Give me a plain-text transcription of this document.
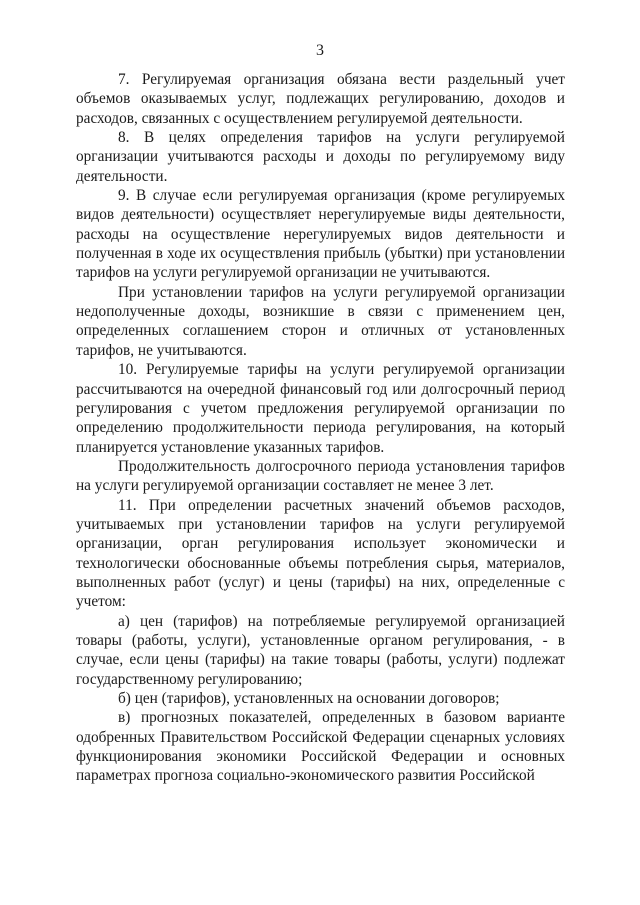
3

7. Регулируемая организация обязана вести раздельный учет объемов оказываемых услуг, подлежащих регулированию, доходов и расходов, связанных с осуществлением регулируемой деятельности.

8. В целях определения тарифов на услуги регулируемой организации учитываются расходы и доходы по регулируемому виду деятельности.

9. В случае если регулируемая организация (кроме регулируемых видов деятельности) осуществляет нерегулируемые виды деятельности, расходы на осуществление нерегулируемых видов деятельности и полученная в ходе их осуществления прибыль (убытки) при установлении тарифов на услуги регулируемой организации не учитываются.

При установлении тарифов на услуги регулируемой организации недополученные доходы, возникшие в связи с применением цен, определенных соглашением сторон и отличных от установленных тарифов, не учитываются.

10. Регулируемые тарифы на услуги регулируемой организации рассчитываются на очередной финансовый год или долгосрочный период регулирования с учетом предложения регулируемой организации по определению продолжительности периода регулирования, на который планируется установление указанных тарифов.

Продолжительность долгосрочного периода установления тарифов на услуги регулируемой организации составляет не менее 3 лет.

11. При определении расчетных значений объемов расходов, учитываемых при установлении тарифов на услуги регулируемой организации, орган регулирования использует экономически и технологически обоснованные объемы потребления сырья, материалов, выполненных работ (услуг) и цены (тарифы) на них, определенные с учетом:

а) цен (тарифов) на потребляемые регулируемой организацией товары (работы, услуги), установленные органом регулирования, - в случае, если цены (тарифы) на такие товары (работы, услуги) подлежат государственному регулированию;

б) цен (тарифов), установленных на основании договоров;

в) прогнозных показателей, определенных в базовом варианте одобренных Правительством Российской Федерации сценарных условиях функционирования экономики Российской Федерации и основных параметрах прогноза социально-экономического развития Российской
